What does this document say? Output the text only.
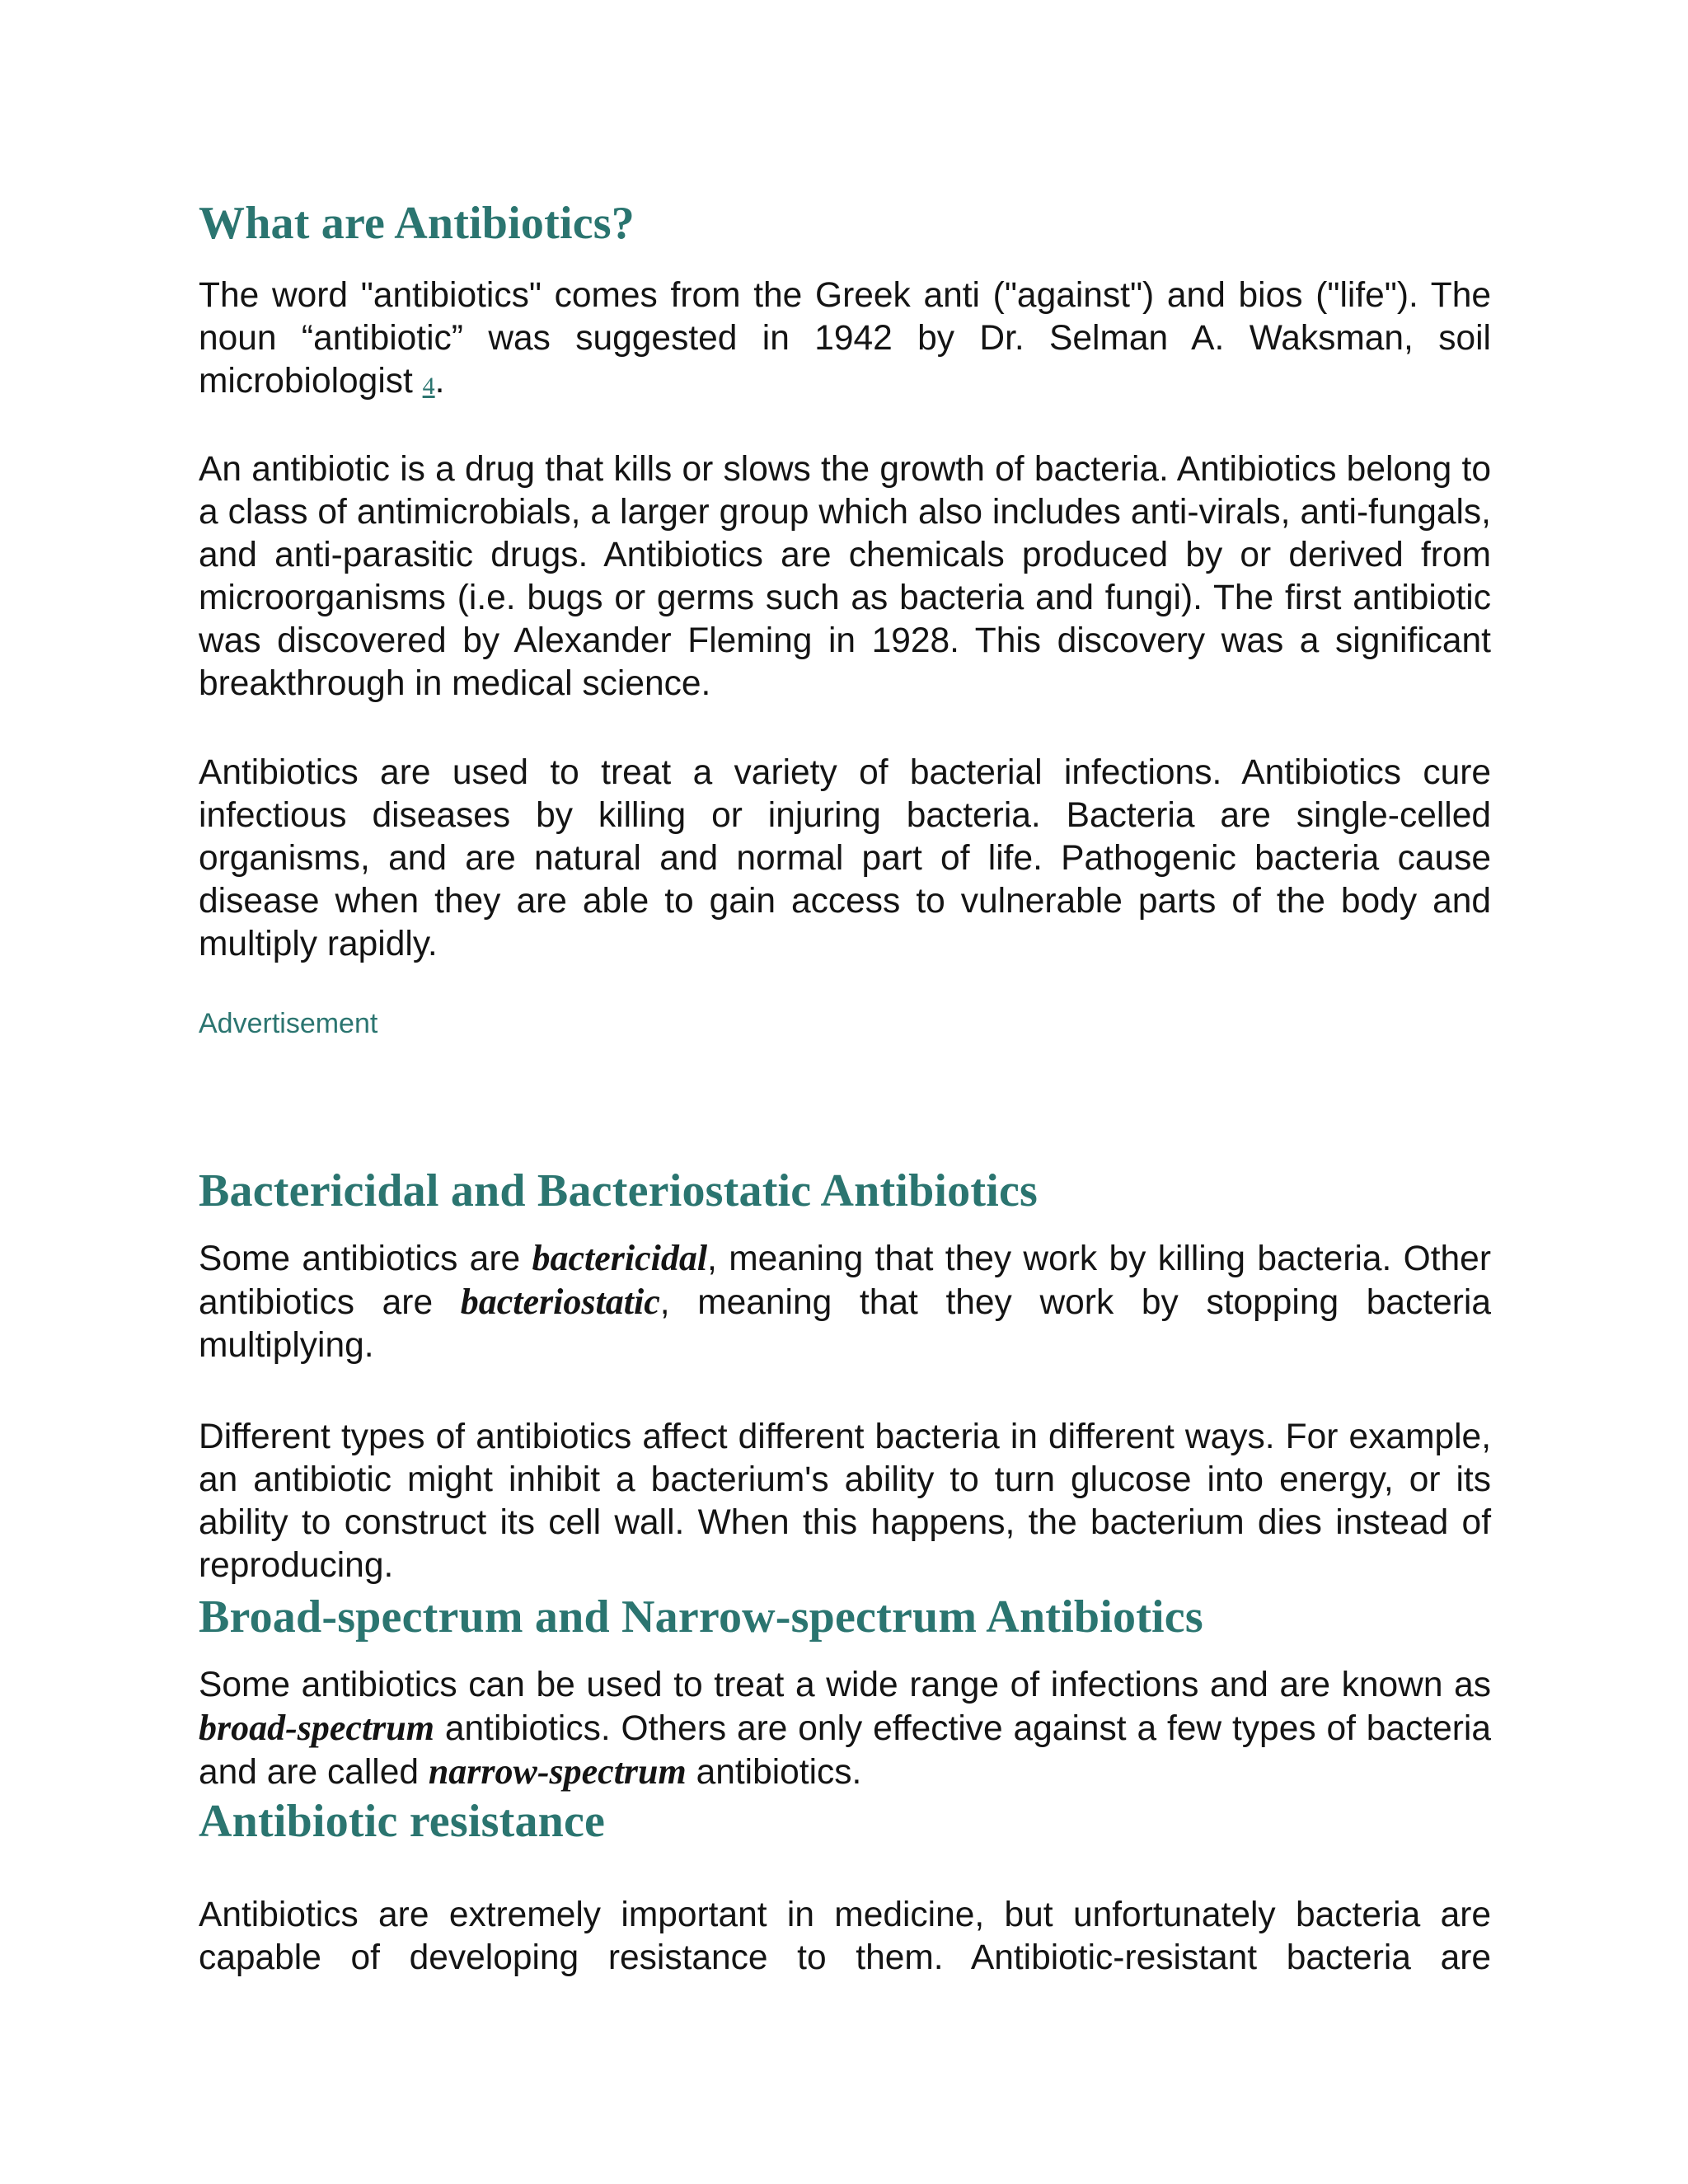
What are Antibiotics?

The word "antibiotics" comes from the Greek anti ("against") and bios ("life"). The noun “antibiotic” was suggested in 1942 by Dr. Selman A. Waksman, soil microbiologist 4.

An antibiotic is a drug that kills or slows the growth of bacteria. Antibiotics belong to a class of antimicrobials, a larger group which also includes anti-virals, anti-fungals, and anti-parasitic drugs. Antibiotics are chemicals produced by or derived from microorganisms (i.e. bugs or germs such as bacteria and fungi). The first antibiotic was discovered by Alexander Fleming in 1928. This discovery was a significant breakthrough in medical science.

Antibiotics are used to treat a variety of bacterial infections. Antibiotics cure infectious diseases by killing or injuring bacteria. Bacteria are single-celled organisms, and are natural and normal part of life. Pathogenic bacteria cause disease when they are able to gain access to vulnerable parts of the body and multiply rapidly.

Advertisement
Bactericidal and Bacteriostatic Antibiotics

Some antibiotics are bactericidal, meaning that they work by killing bacteria. Other antibiotics are bacteriostatic, meaning that they work by stopping bacteria multiplying.

Different types of antibiotics affect different bacteria in different ways. For example, an antibiotic might inhibit a bacterium's ability to turn glucose into energy, or its ability to construct its cell wall. When this happens, the bacterium dies instead of reproducing.

Broad-spectrum and Narrow-spectrum Antibiotics

Some antibiotics can be used to treat a wide range of infections and are known as broad-spectrum antibiotics. Others are only effective against a few types of bacteria and are called narrow-spectrum antibiotics.

Antibiotic resistance

Antibiotics are extremely important in medicine, but unfortunately bacteria are capable of developing resistance to them. Antibiotic-resistant bacteria are
